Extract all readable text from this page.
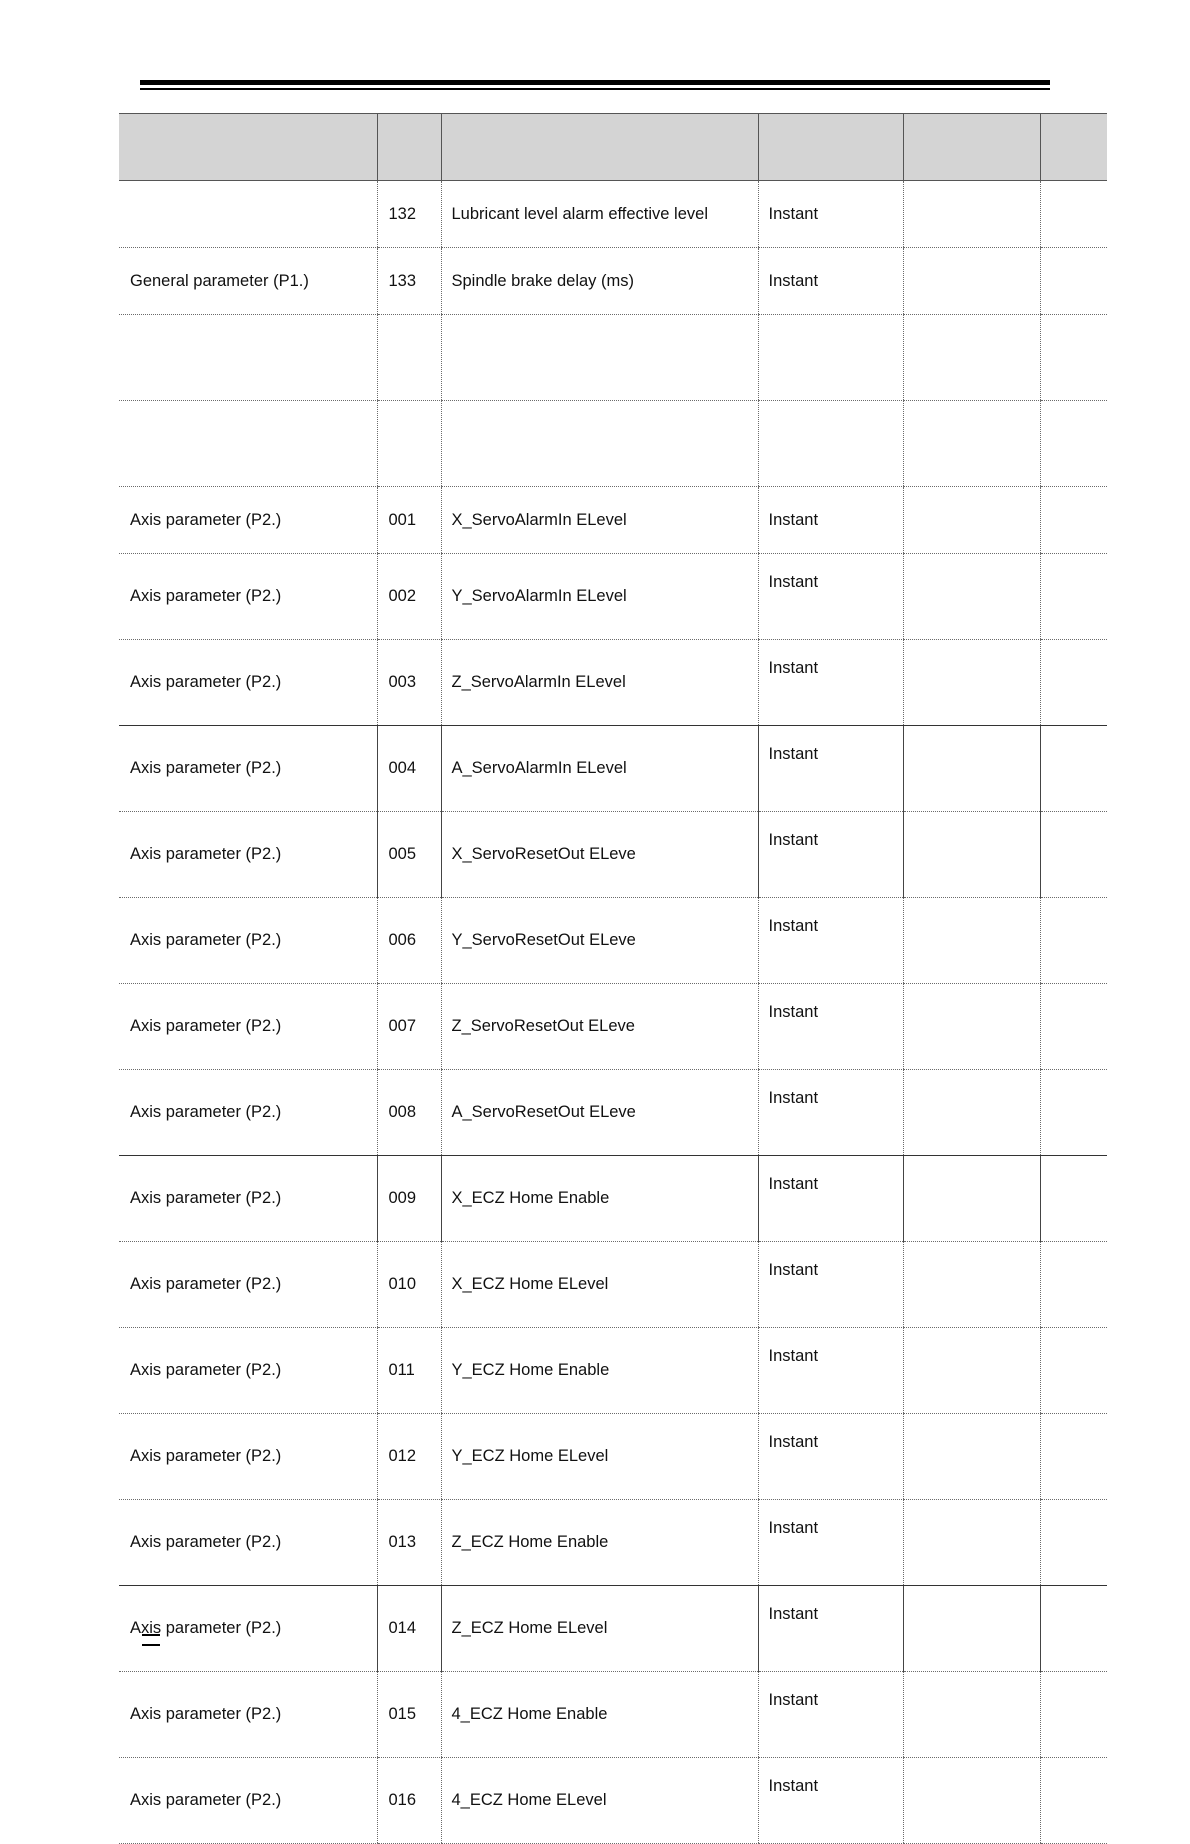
	132	Lubricant level alarm effective level	Instant		
General parameter (P1.)	133	Spindle brake delay (ms)	Instant		

Axis parameter (P2.)	001	X_ServoAlarmIn ELevel	Instant		
Axis parameter (P2.)	002	Y_ServoAlarmIn ELevel	Instant		
Axis parameter (P2.)	003	Z_ServoAlarmIn ELevel	Instant		
Axis parameter (P2.)	004	A_ServoAlarmIn ELevel	Instant		
Axis parameter (P2.)	005	X_ServoResetOut ELeve	Instant		
Axis parameter (P2.)	006	Y_ServoResetOut ELeve	Instant		
Axis parameter (P2.)	007	Z_ServoResetOut ELeve	Instant		
Axis parameter (P2.)	008	A_ServoResetOut ELeve	Instant		
Axis parameter (P2.)	009	X_ECZ Home Enable	Instant		
Axis parameter (P2.)	010	X_ECZ Home ELevel	Instant		
Axis parameter (P2.)	011	Y_ECZ Home Enable	Instant		
Axis parameter (P2.)	012	Y_ECZ Home ELevel	Instant		
Axis parameter (P2.)	013	Z_ECZ Home Enable	Instant		
Axis parameter (P2.)	014	Z_ECZ Home ELevel	Instant		
Axis parameter (P2.)	015	4_ECZ Home Enable	Instant		
Axis parameter (P2.)	016	4_ECZ Home ELevel	Instant		
